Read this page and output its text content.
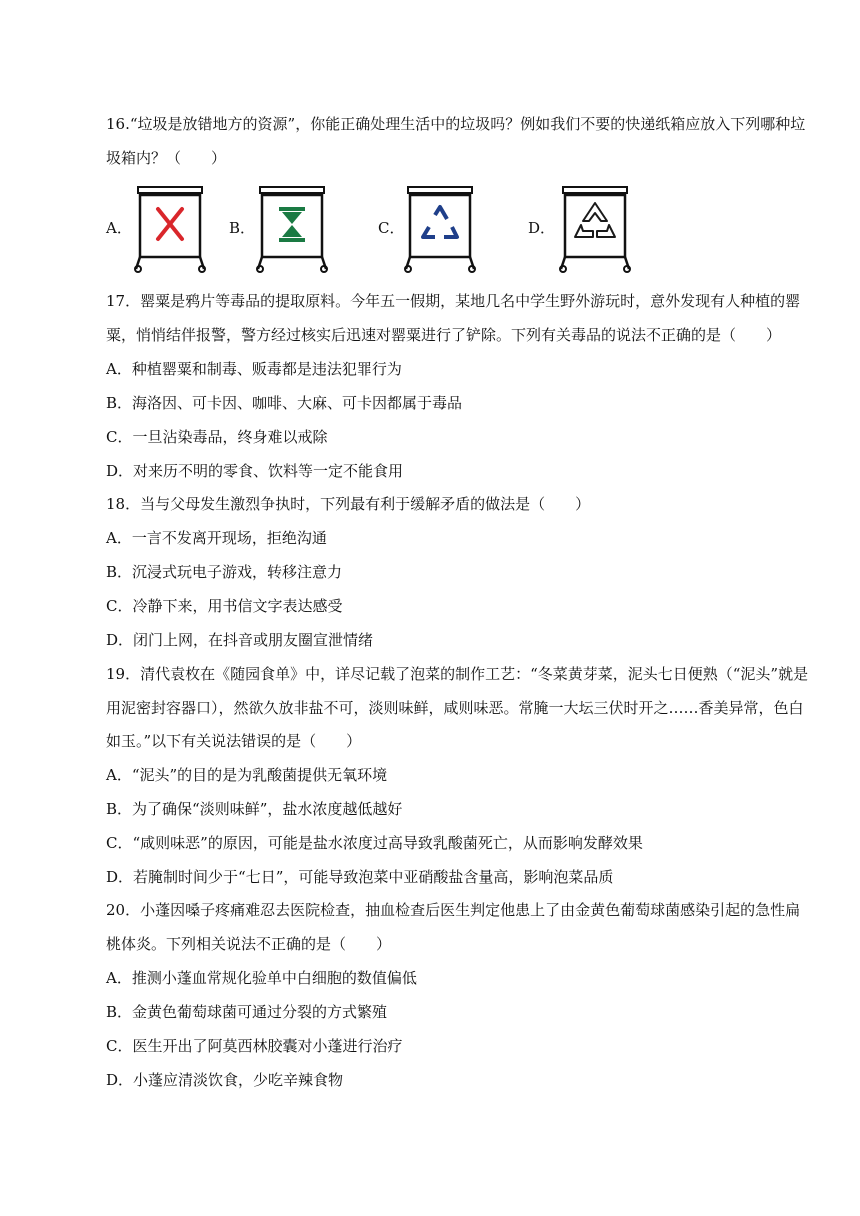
16.“垃圾是放错地方的资源”，你能正确处理生活中的垃圾吗？例如我们不要的快递纸箱应放入下列哪种垃
圾箱内？（　　）
A．	B．	C．	D．
17．罂粟是鸦片等毒品的提取原料。今年五一假期，某地几名中学生野外游玩时，意外发现有人种植的罂
粟，悄悄结伴报警，警方经过核实后迅速对罂粟进行了铲除。下列有关毒品的说法不正确的是（　　）
A．种植罂粟和制毒、贩毒都是违法犯罪行为
B．海洛因、可卡因、咖啡、大麻、可卡因都属于毒品
C．一旦沾染毒品，终身难以戒除
D．对来历不明的零食、饮料等一定不能食用
18．当与父母发生激烈争执时，下列最有利于缓解矛盾的做法是（　　）
A．一言不发离开现场，拒绝沟通
B．沉浸式玩电子游戏，转移注意力
C．冷静下来，用书信文字表达感受
D．闭门上网，在抖音或朋友圈宣泄情绪
19．清代袁枚在《随园食单》中，详尽记载了泡菜的制作工艺：“冬菜黄芽菜，泥头七日便熟（“泥头”就是
用泥密封容器口），然欲久放非盐不可，淡则味鲜，咸则味恶。常腌一大坛三伏时开之……香美异常，色白
如玉。”以下有关说法错误的是（　　）
A．“泥头”的目的是为乳酸菌提供无氧环境
B．为了确保“淡则味鲜”，盐水浓度越低越好
C．“咸则味恶”的原因，可能是盐水浓度过高导致乳酸菌死亡，从而影响发酵效果
D．若腌制时间少于“七日”，可能导致泡菜中亚硝酸盐含量高，影响泡菜品质
20．小蓬因嗓子疼痛难忍去医院检查，抽血检查后医生判定他患上了由金黄色葡萄球菌感染引起的急性扁
桃体炎。下列相关说法不正确的是（　　）
A．推测小蓬血常规化验单中白细胞的数值偏低
B．金黄色葡萄球菌可通过分裂的方式繁殖
C．医生开出了阿莫西林胶囊对小蓬进行治疗
D．小蓬应清淡饮食，少吃辛辣食物
